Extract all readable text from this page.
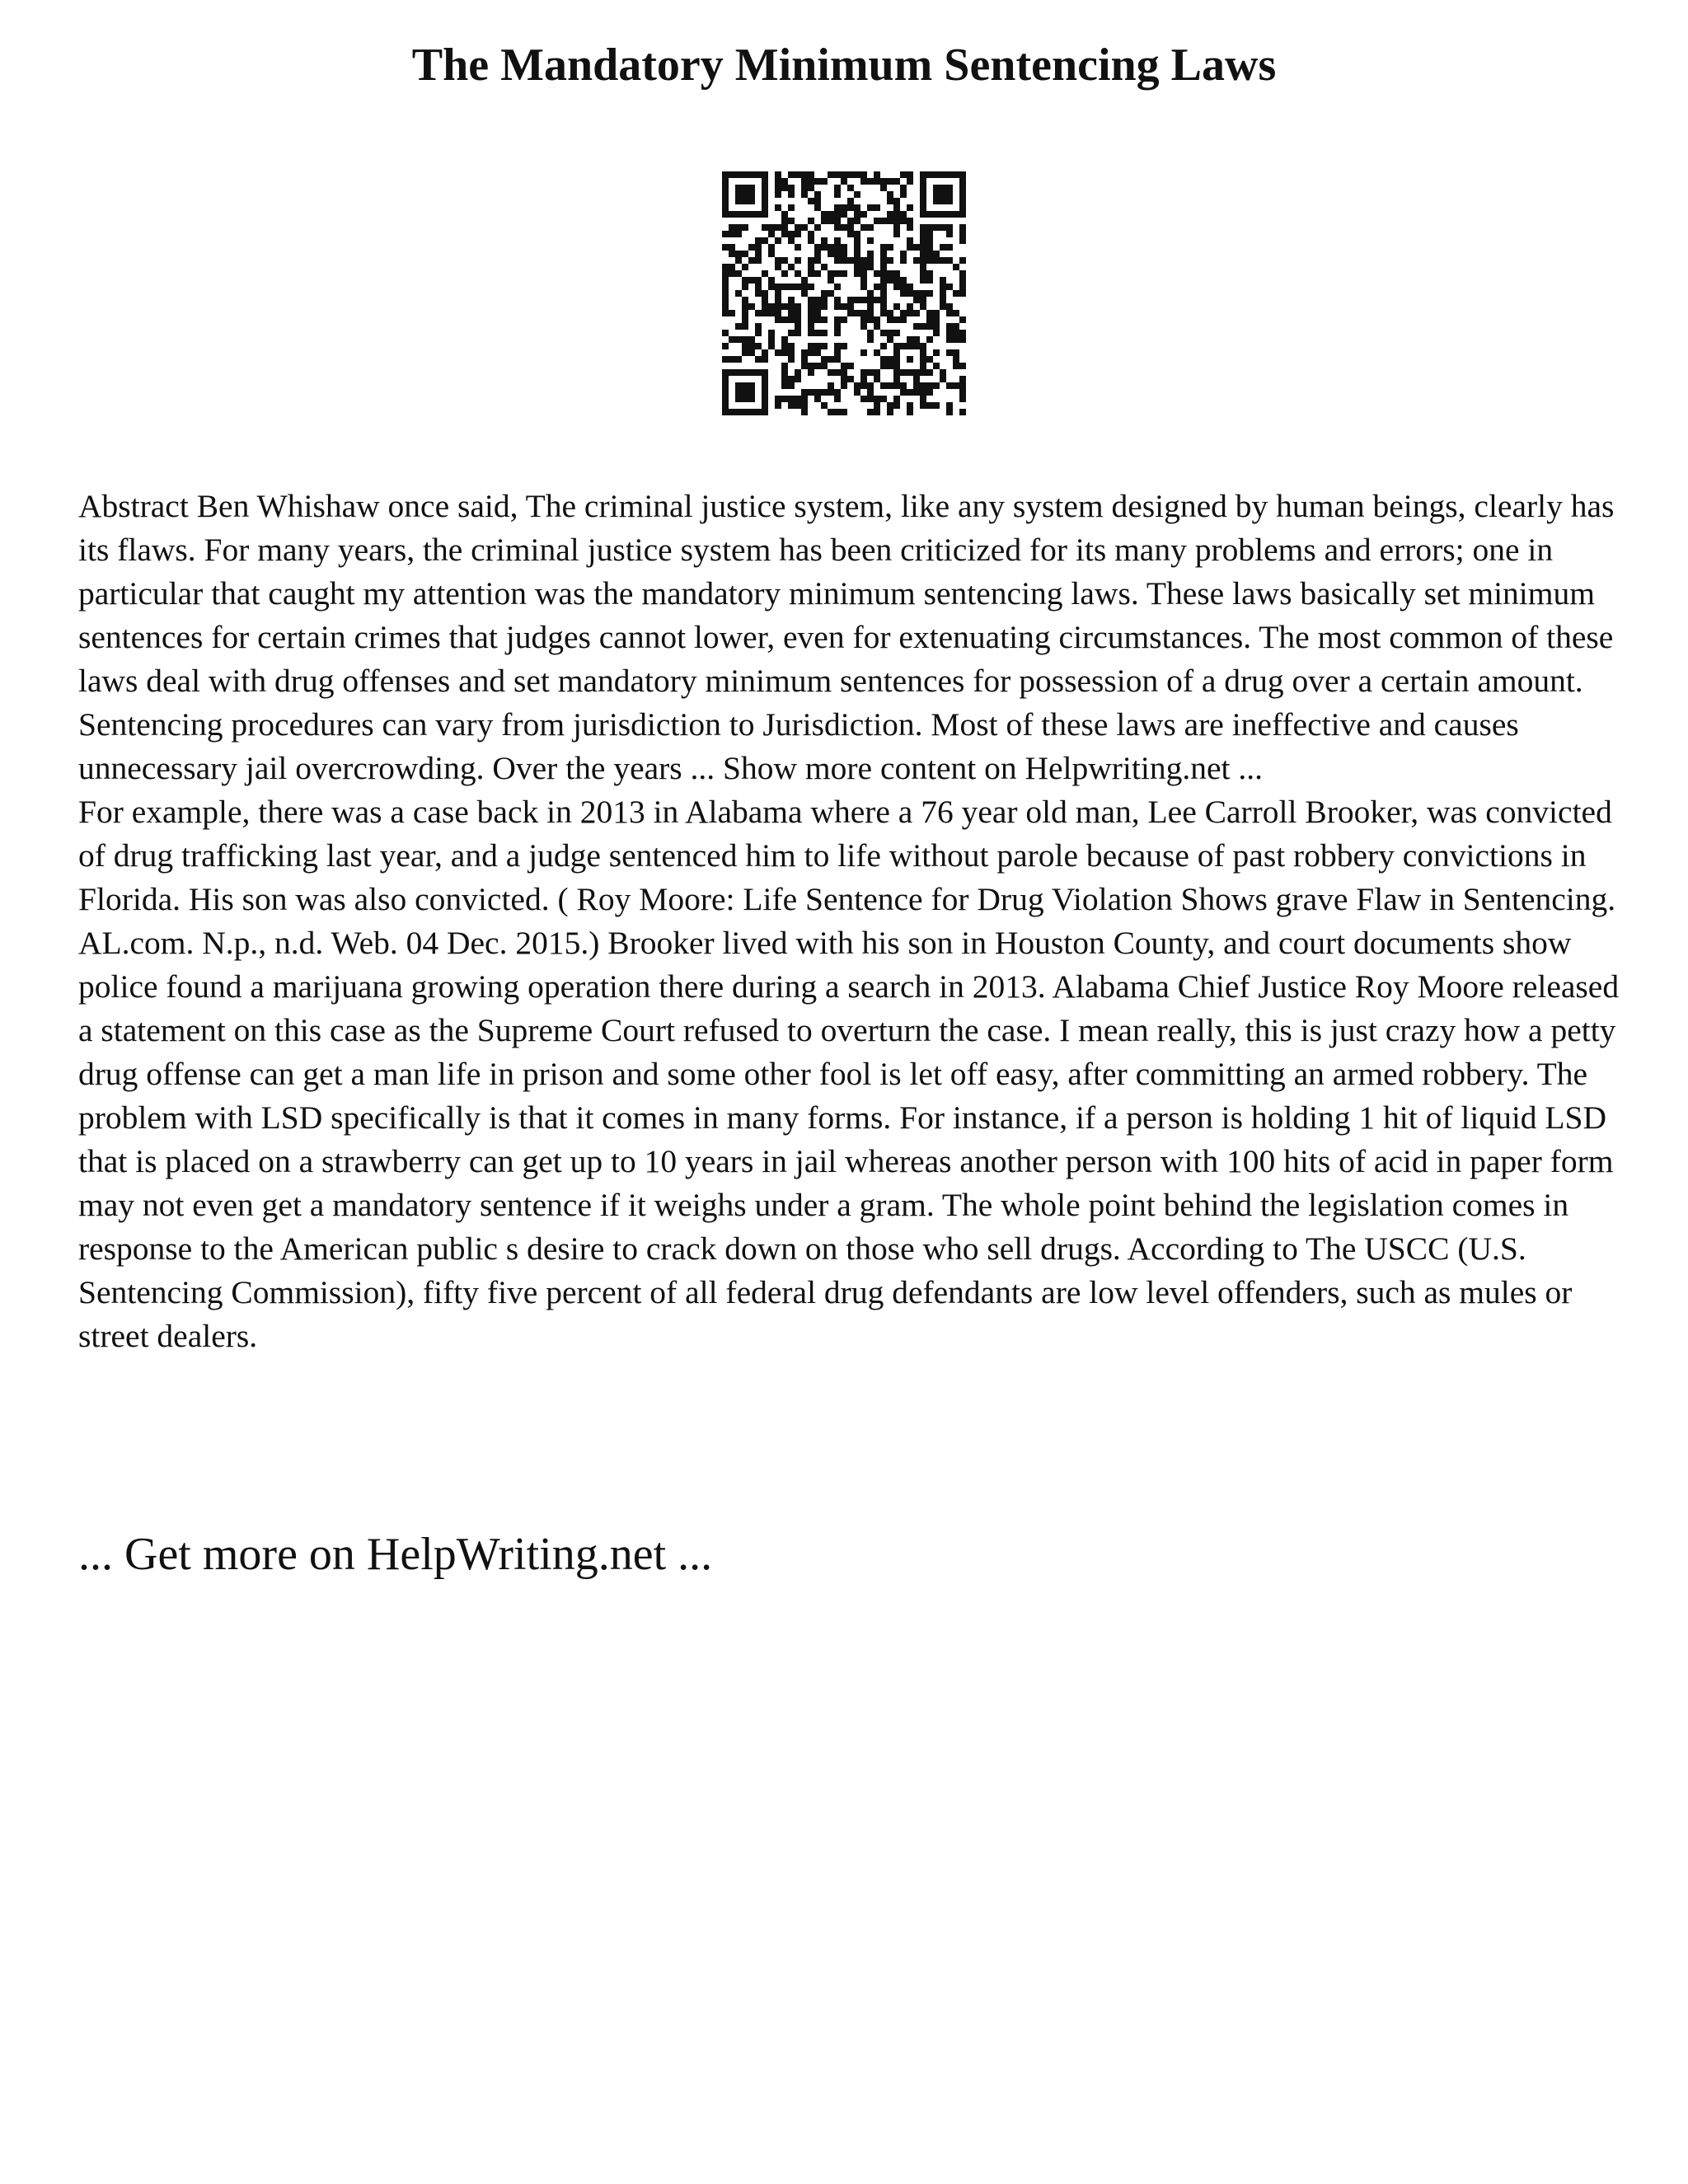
The Mandatory Minimum Sentencing Laws

Abstract Ben Whishaw once said, The criminal justice system, like any system designed by human beings, clearly has its flaws. For many years, the criminal justice system has been criticized for its many problems and errors; one in particular that caught my attention was the mandatory minimum sentencing laws. These laws basically set minimum sentences for certain crimes that judges cannot lower, even for extenuating circumstances. The most common of these laws deal with drug offenses and set mandatory minimum sentences for possession of a drug over a certain amount. Sentencing procedures can vary from jurisdiction to Jurisdiction. Most of these laws are ineffective and causes unnecessary jail overcrowding. Over the years ... Show more content on Helpwriting.net ...

For example, there was a case back in 2013 in Alabama where a 76 year old man, Lee Carroll Brooker, was convicted of drug trafficking last year, and a judge sentenced him to life without parole because of past robbery convictions in Florida. His son was also convicted. ( Roy Moore: Life Sentence for Drug Violation Shows grave Flaw in Sentencing. AL.com. N.p., n.d. Web. 04 Dec. 2015.) Brooker lived with his son in Houston County, and court documents show police found a marijuana growing operation there during a search in 2013. Alabama Chief Justice Roy Moore released a statement on this case as the Supreme Court refused to overturn the case. I mean really, this is just crazy how a petty drug offense can get a man life in prison and some other fool is let off easy, after committing an armed robbery. The problem with LSD specifically is that it comes in many forms. For instance, if a person is holding 1 hit of liquid LSD that is placed on a strawberry can get up to 10 years in jail whereas another person with 100 hits of acid in paper form may not even get a mandatory sentence if it weighs under a gram. The whole point behind the legislation comes in response to the American public s desire to crack down on those who sell drugs. According to The USCC (U.S. Sentencing Commission), fifty five percent of all federal drug defendants are low level offenders, such as mules or street dealers.

... Get more on HelpWriting.net ...
